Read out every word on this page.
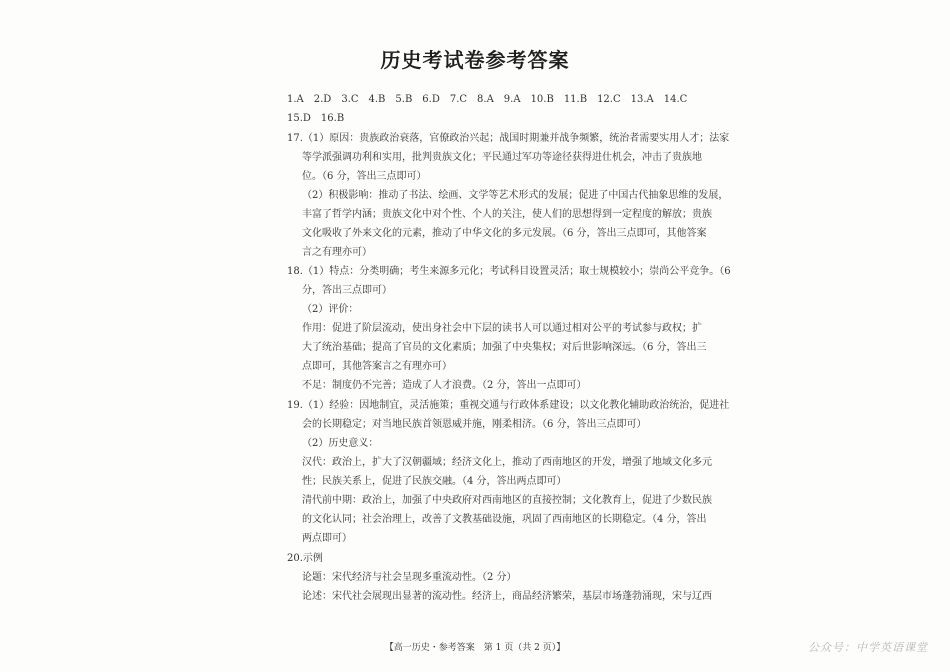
历史考试卷参考答案
1.A　2.D　3.C　4.B　5.B　6.D　7.C　8.A　9.A　10.B　11.B　12.C　13.A　14.C
15.D　16.B
17.（1）原因：贵族政治衰落，官僚政治兴起；战国时期兼并战争频繁，统治者需要实用人才；法家
等学派强调功利和实用，批判贵族文化；平民通过军功等途径获得进仕机会，冲击了贵族地
位。（6 分，答出三点即可）
（2）积极影响：推动了书法、绘画、文学等艺术形式的发展；促进了中国古代抽象思维的发展，
丰富了哲学内涵；贵族文化中对个性、个人的关注，使人们的思想得到一定程度的解放；贵族
文化吸收了外来文化的元素，推动了中华文化的多元发展。（6 分，答出三点即可，其他答案
言之有理亦可）
18.（1）特点：分类明确；考生来源多元化；考试科目设置灵活；取士规模较小；崇尚公平竞争。（6
分，答出三点即可）
（2）评价：
作用：促进了阶层流动，使出身社会中下层的读书人可以通过相对公平的考试参与政权；扩
大了统治基础；提高了官员的文化素质；加强了中央集权；对后世影响深远。（6 分，答出三
点即可，其他答案言之有理亦可）
不足：制度仍不完善；造成了人才浪费。（2 分，答出一点即可）
19.（1）经验：因地制宜，灵活施策；重视交通与行政体系建设；以文化教化辅助政治统治，促进社
会的长期稳定；对当地民族首领恩威并施，刚柔相济。（6 分，答出三点即可）
（2）历史意义：
汉代：政治上，扩大了汉朝疆域；经济文化上，推动了西南地区的开发，增强了地域文化多元
性；民族关系上，促进了民族交融。（4 分，答出两点即可）
清代前中期：政治上，加强了中央政府对西南地区的直接控制；文化教育上，促进了少数民族
的文化认同；社会治理上，改善了文教基础设施，巩固了西南地区的长期稳定。（4 分，答出
两点即可）
20.示例
论题：宋代经济与社会呈现多重流动性。（2 分）
论述：宋代社会展现出显著的流动性。经济上，商品经济繁荣，基层市场蓬勃涌现，宋与辽西
【高一历史・参考答案　第 1 页（共 2 页）】	公众号：中学英语课堂
